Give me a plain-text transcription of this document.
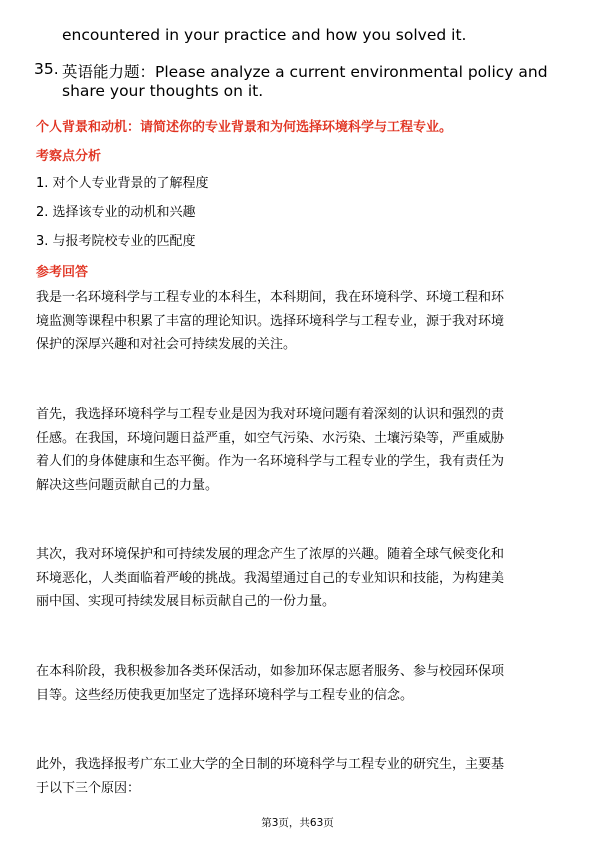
encountered in your practice and how you solved it.
35. 英语能力题：Please analyze a current environmental policy and
share your thoughts on it.
个人背景和动机：请简述你的专业背景和为何选择环境科学与工程专业。
考察点分析
1. 对个人专业背景的了解程度
2. 选择该专业的动机和兴趣
3. 与报考院校专业的匹配度
参考回答
我是一名环境科学与工程专业的本科生，本科期间，我在环境科学、环境工程和环
境监测等课程中积累了丰富的理论知识。选择环境科学与工程专业，源于我对环境
保护的深厚兴趣和对社会可持续发展的关注。
首先，我选择环境科学与工程专业是因为我对环境问题有着深刻的认识和强烈的责
任感。在我国，环境问题日益严重，如空气污染、水污染、土壤污染等，严重威胁
着人们的身体健康和生态平衡。作为一名环境科学与工程专业的学生，我有责任为
解决这些问题贡献自己的力量。
其次，我对环境保护和可持续发展的理念产生了浓厚的兴趣。随着全球气候变化和
环境恶化，人类面临着严峻的挑战。我渴望通过自己的专业知识和技能，为构建美
丽中国、实现可持续发展目标贡献自己的一份力量。
在本科阶段，我积极参加各类环保活动，如参加环保志愿者服务、参与校园环保项
目等。这些经历使我更加坚定了选择环境科学与工程专业的信念。
此外，我选择报考广东工业大学的全日制的环境科学与工程专业的研究生，主要基
于以下三个原因：
第3页，共63页
